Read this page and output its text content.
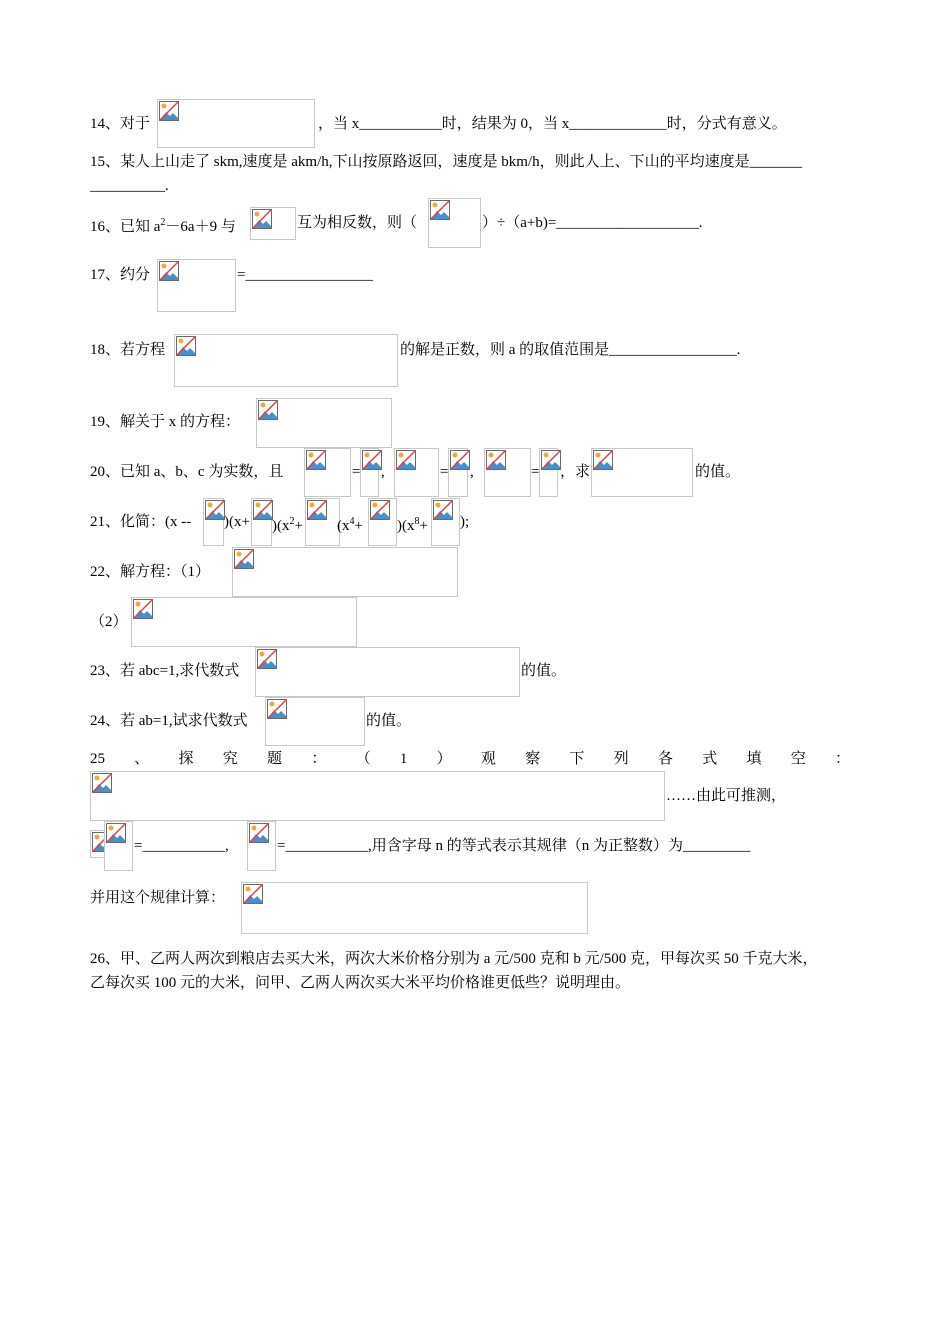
14、对于	，当 x___________时，结果为 0，当 x_____________时，分式有意义。
15、某人上山走了 skm,速度是 akm/h,下山按原路返回，速度是 bkm/h，则此人上、下山的平均速度是_______
__________.
16、已知 $a^2-6a+9$ 与	互为相反数，则（	）÷（a+b)=___________________.
17、约分	=_________________
18、若方程	的解是正数，则 a 的取值范围是_________________.
19、解关于 x 的方程：
20、已知 a、b、c 为实数，且	= ,	= ,	= ，求	的值。
21、化简：$(x -- )(x+ )(x^2+ (x^4+ )(x^8+$ );
22、解方程：（1）
（2）
23、若 abc=1,求代数式	的值。
24、若 ab=1,试求代数式	的值。
25 、 探 究 题 ： （ 1 ） 观 察 下 列 各 式 填 空 ：
……由此可推测，
=___________,	=___________,用含字母 n 的等式表示其规律（n 为正整数）为_________
并用这个规律计算：
26、甲、乙两人两次到粮店去买大米，两次大米价格分别为 a 元/500 克和 b 元/500 克，甲每次买 50 千克大米，
乙每次买 100 元的大米，问甲、乙两人两次买大米平均价格谁更低些？说明理由。
